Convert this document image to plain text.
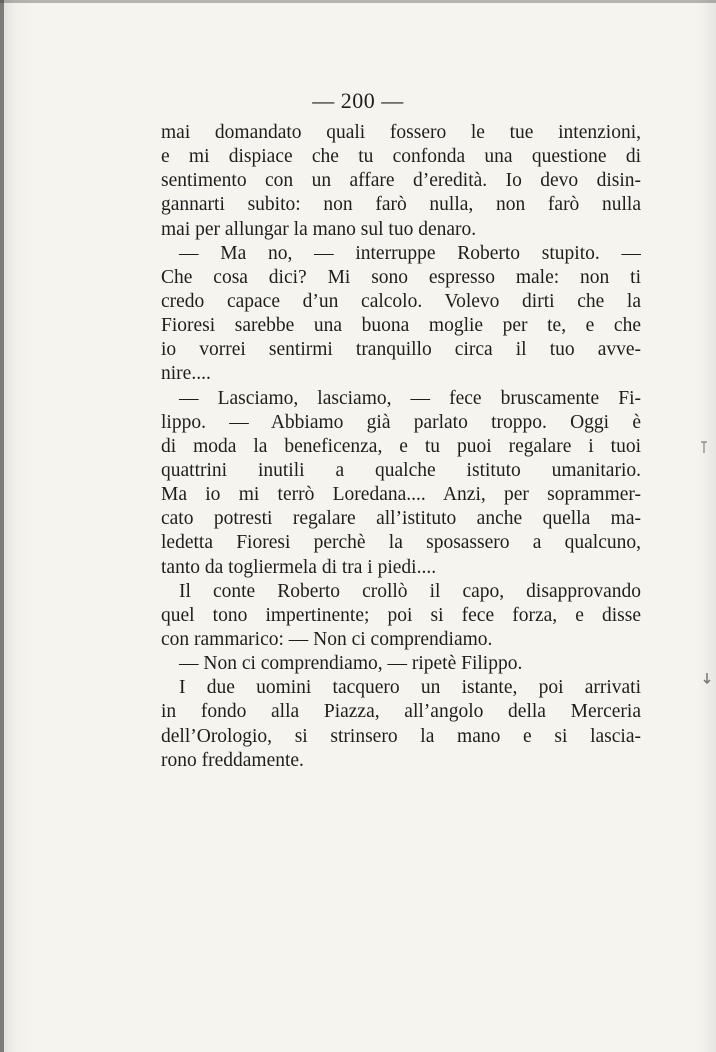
— 200 —
mai domandato quali fossero le tue intenzioni,
e mi dispiace che tu confonda una questione di
sentimento con un affare d’eredità. Io devo disin-
gannarti subito: non farò nulla, non farò nulla
mai per allungar la mano sul tuo denaro.
— Ma no, — interruppe Roberto stupito. —
Che cosa dici? Mi sono espresso male: non ti
credo capace d’un calcolo. Volevo dirti che la
Fioresi sarebbe una buona moglie per te, e che
io vorrei sentirmi tranquillo circa il tuo avve-
nire....
— Lasciamo, lasciamo, — fece bruscamente Fi-
lippo. — Abbiamo già parlato troppo. Oggi è
di moda la beneficenza, e tu puoi regalare i tuoi
quattrini inutili a qualche istituto umanitario.
Ma io mi terrò Loredana.... Anzi, per soprammer-
cato potresti regalare all’istituto anche quella ma-
ledetta Fioresi perchè la sposassero a qualcuno,
tanto da togliermela di tra i piedi....
Il conte Roberto crollò il capo, disapprovando
quel tono impertinente; poi si fece forza, e disse
con rammarico: — Non ci comprendiamo.
— Non ci comprendiamo, — ripetè Filippo.
I due uomini tacquero un istante, poi arrivati
in fondo alla Piazza, all’angolo della Merceria
dell’Orologio, si strinsero la mano e si lascia-
rono freddamente.
